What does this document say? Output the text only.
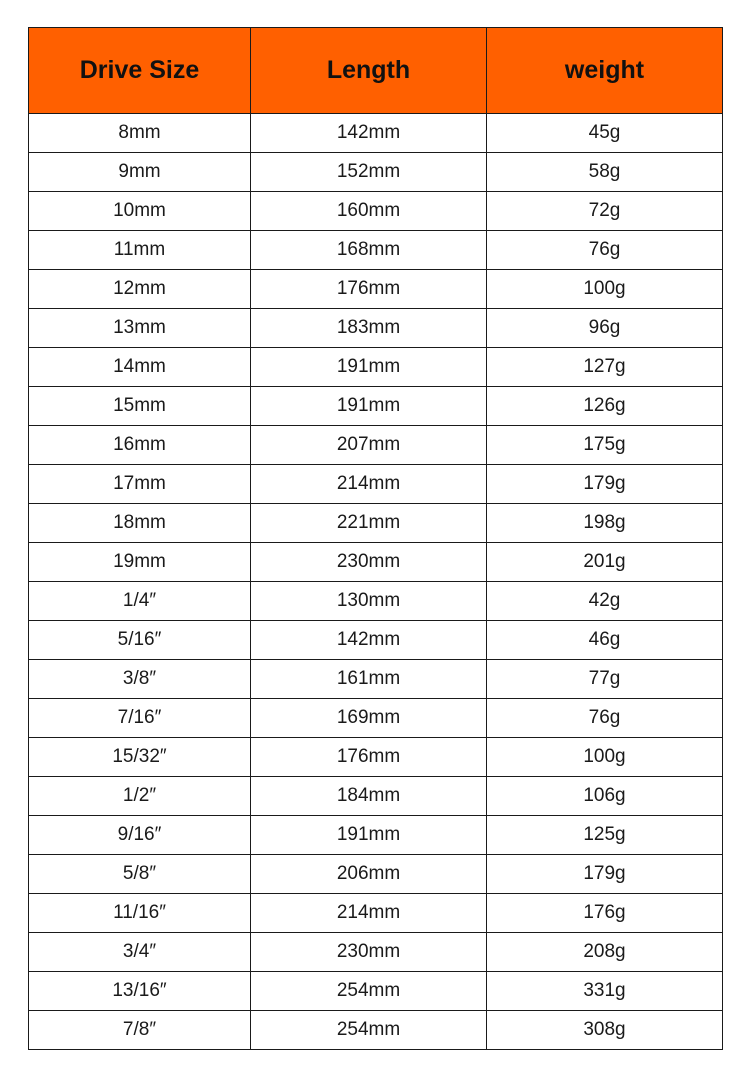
Drive Size	Length	weight
8mm	142mm	45g
9mm	152mm	58g
10mm	160mm	72g
11mm	168mm	76g
12mm	176mm	100g
13mm	183mm	96g
14mm	191mm	127g
15mm	191mm	126g
16mm	207mm	175g
17mm	214mm	179g
18mm	221mm	198g
19mm	230mm	201g
1/4″	130mm	42g
5/16″	142mm	46g
3/8″	161mm	77g
7/16″	169mm	76g
15/32″	176mm	100g
1/2″	184mm	106g
9/16″	191mm	125g
5/8″	206mm	179g
11/16″	214mm	176g
3/4″	230mm	208g
13/16″	254mm	331g
7/8″	254mm	308g
